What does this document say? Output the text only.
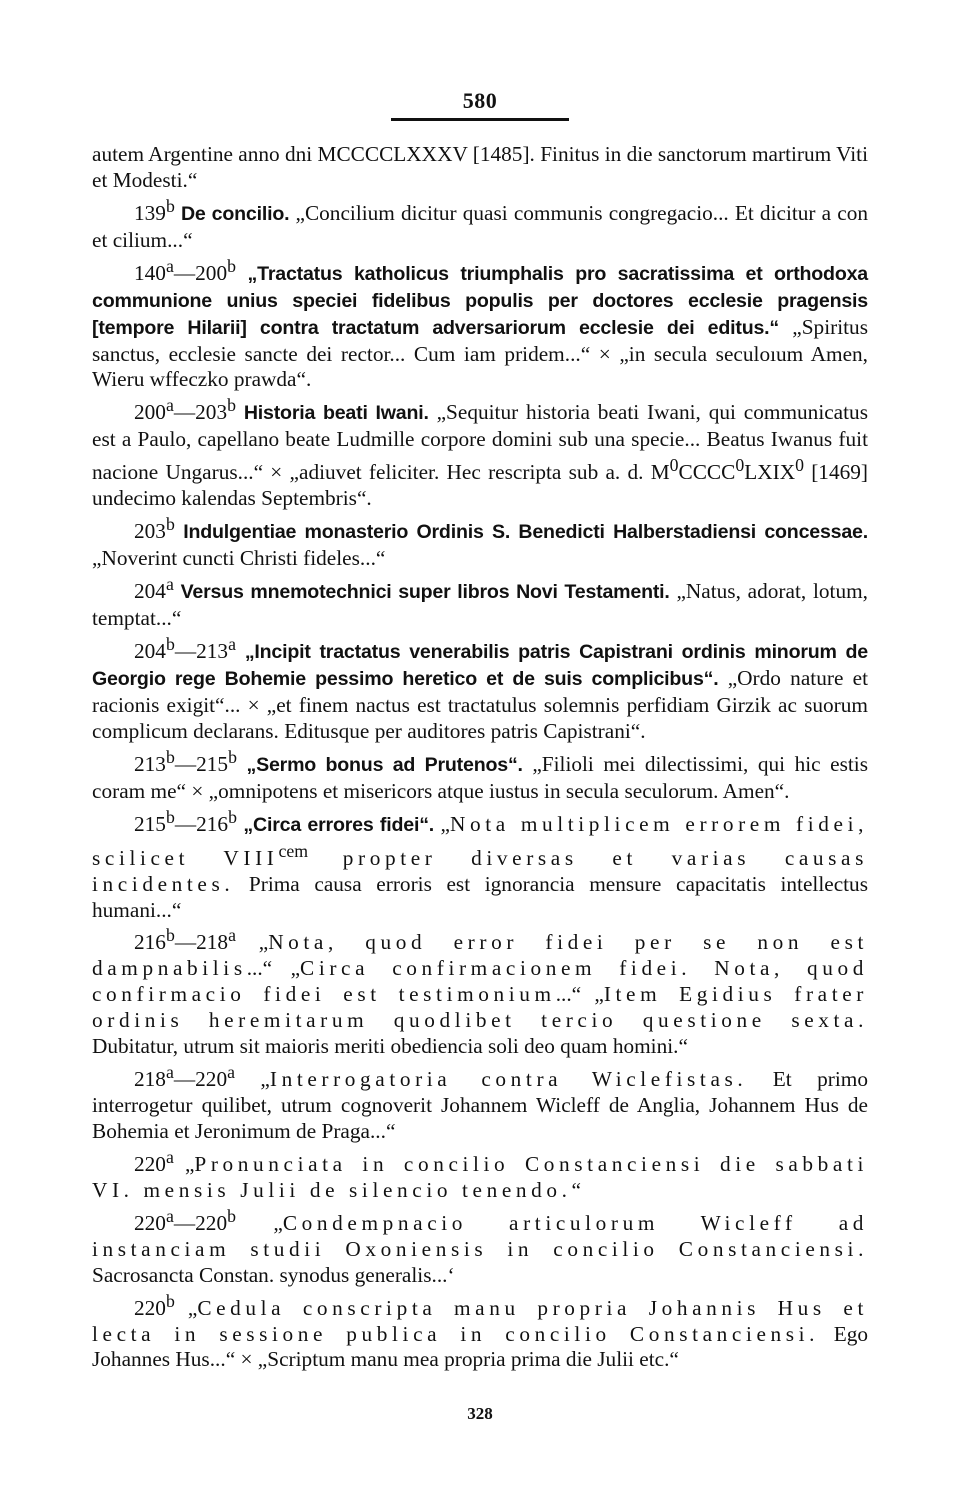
580

autem Argentine anno dni MCCCCLXXXV [1485]. Finitus in die sanctorum martirum Viti et Modesti.“

139$^b$ De concilio. „Concilium dicitur quasi communis congregacio... Et dicitur a con et cilium...“

140$^a$—200$^b$ „Tractatus katholicus triumphalis pro sacratissima et orthodoxa communione unius speciei fidelibus populis per doctores ecclesie pragensis [tempore Hilarii] contra tractatum adversariorum ecclesie dei editus.“ „Spiritus sanctus, ecclesie sancte dei rector... Cum iam pridem...“ × „in secula seculoıum Amen, Wieru wffeczko prawda“.

200$^a$—203$^b$ Historia beati Iwani. „Sequitur historia beati Iwani, qui communicatus est a Paulo, capellano beate Ludmille corpore domini sub una specie... Beatus Iwanus fuit nacione Ungarus...“ × „adiuvet feliciter. Hec rescripta sub a. d. $M^0CCCC^0LXIX^0$ [1469] undecimo kalendas Septembris“.

203$^b$ Indulgentiae monasterio Ordinis S. Benedicti Halberstadiensi concessae. „Noverint cuncti Christi fideles...“

204$^a$ Versus mnemotechnici super libros Novi Testamenti. „Natus, adorat, lotum, temptat...“

204$^b$—213$^a$ „Incipit tractatus venerabilis patris Capistrani ordinis minorum de Georgio rege Bohemie pessimo heretico et de suis complicibus“. „Ordo nature et racionis exigit“... × „et finem nactus est tractatulus solemnis perfidiam Girzik ac suorum complicum declarans. Editusque per auditores patris Capistrani“.

213$^b$—215$^b$ „Sermo bonus ad Prutenos“. „Filioli mei dilectissimi, qui hic estis coram me“ × „omnipotens et misericors atque iustus in secula seculorum. Amen“.

215$^b$—216$^b$ „Circa errores fidei“. „Nota multiplicem errorem fidei, scilicet $VIII^{cem}$ propter diversas et varias causas incidentes. Prima causa erroris est ignorancia mensure capacitatis intellectus humani...“

216$^b$—218$^a$ „Nota, quod error fidei per se non est dampnabilis...“ „Circa confirmacionem fidei. Nota, quod confirmacio fidei est testimonium...“ „Item Egidius frater ordinis heremitarum quodlibet tercio questione sexta. Dubitatur, utrum sit maioris meriti obediencia soli deo quam homini.“

218$^a$—220$^a$ „Interrogatoria contra Wiclefistas. Et primo interrogetur quilibet, utrum cognoverit Johannem Wicleff de Anglia, Johannem Hus de Bohemia et Jeronimum de Praga...“

220$^a$ „Pronunciata in concilio Constanciensi die sabbati VI. mensis Julii de silencio tenendo.“

220$^a$—220$^b$ „Condempnacio articulorum Wicleff ad instanciam studii Oxoniensis in concilio Constanciensi. Sacrosancta Constan. synodus generalis...‘

220$^b$ „Cedula conscripta manu propria Johannis Hus et lecta in sessione publica in concilio Constanciensi. Ego Johannes Hus...“ × „Scriptum manu mea propria prima die Julii etc.“

328
